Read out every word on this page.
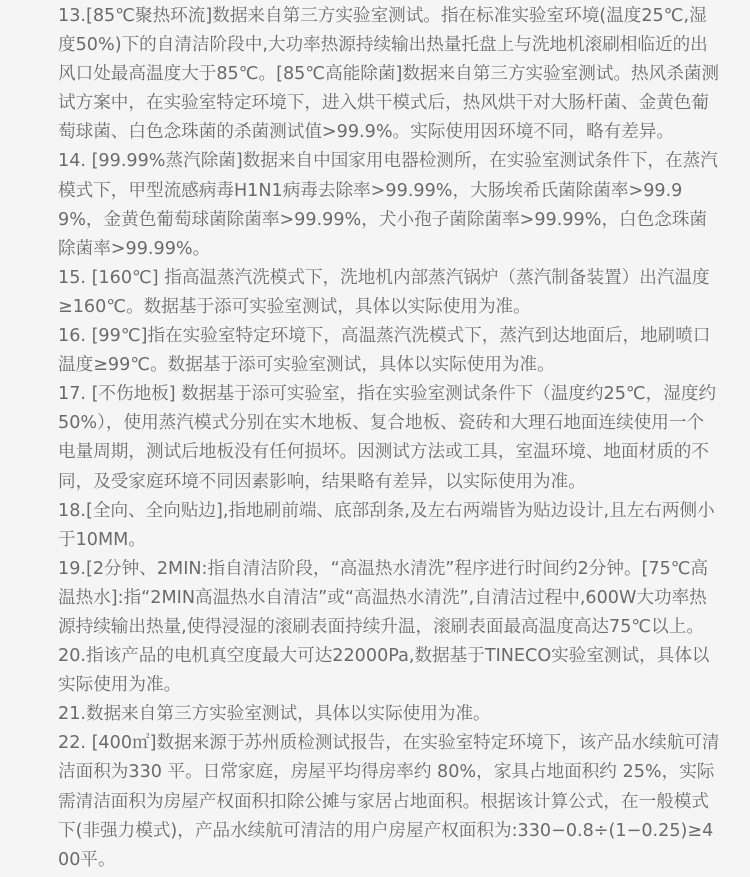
13.[85℃聚热环流]数据来自第三方实验室测试。指在标准实验室环境(温度25℃,湿度50%)下的自清洁阶段中,大功率热源持续输出热量托盘上与洗地机滚刷相临近的出风口处最高温度大于85℃。[85℃高能除菌]数据来自第三方实验室测试。热风杀菌测试方案中，在实验室特定环境下，进入烘干模式后，热风烘干对大肠杆菌、金黄色葡萄球菌、白色念珠菌的杀菌测试值>99.9%。实际使用因环境不同，略有差异。

14. [99.99%蒸汽除菌]数据来自中国家用电器检测所，在实验室测试条件下，在蒸汽模式下，甲型流感病毒H1N1病毒去除率>99.99%，大肠埃希氏菌除菌率>99.99%，金黄色葡萄球菌除菌率>99.99%，犬小孢子菌除菌率>99.99%，白色念珠菌除菌率>99.99%。

15. [160℃] 指高温蒸汽洗模式下，洗地机内部蒸汽锅炉（蒸汽制备装置）出汽温度≥160℃。数据基于添可实验室测试，具体以实际使用为准。

16. [99℃]指在实验室特定环境下，高温蒸汽洗模式下，蒸汽到达地面后，地刷喷口温度≥99℃。数据基于添可实验室测试，具体以实际使用为准。

17. [不伤地板] 数据基于添可实验室，指在实验室测试条件下（温度约25℃，湿度约50%），使用蒸汽模式分别在实木地板、复合地板、瓷砖和大理石地面连续使用一个电量周期，测试后地板没有任何损坏。因测试方法或工具，室温环境、地面材质的不同，及受家庭环境不同因素影响，结果略有差异，以实际使用为准。

18.[全向、全向贴边],指地刷前端、底部刮条,及左右两端皆为贴边设计,且左右两侧小于10MM。

19.[2分钟、2MIN:指自清洁阶段，“高温热水清洗”程序进行时间约2分钟。[75℃高温热水]:指“2MIN高温热水自清洁”或“高温热水清洗”,自清洁过程中,600W大功率热源持续输出热量,使得浸湿的滚刷表面持续升温，滚刷表面最高温度高达75℃以上。

20.指该产品的电机真空度最大可达22000Pa,数据基于TINECO实验室测试，具体以实际使用为准。

21.数据来自第三方实验室测试，具体以实际使用为准。

22. [400㎡]数据来源于苏州质检测试报告，在实验室特定环境下，该产品水续航可清洁面积为330 平。日常家庭，房屋平均得房率约 80%，家具占地面积约 25%，实际需清洁面积为房屋产权面积扣除公摊与家居占地面积。根据该计算公式，在一般模式下(非强力模式)，产品水续航可清洁的用户房屋产权面积为:330−0.8÷(1−0.25)≥400平。
